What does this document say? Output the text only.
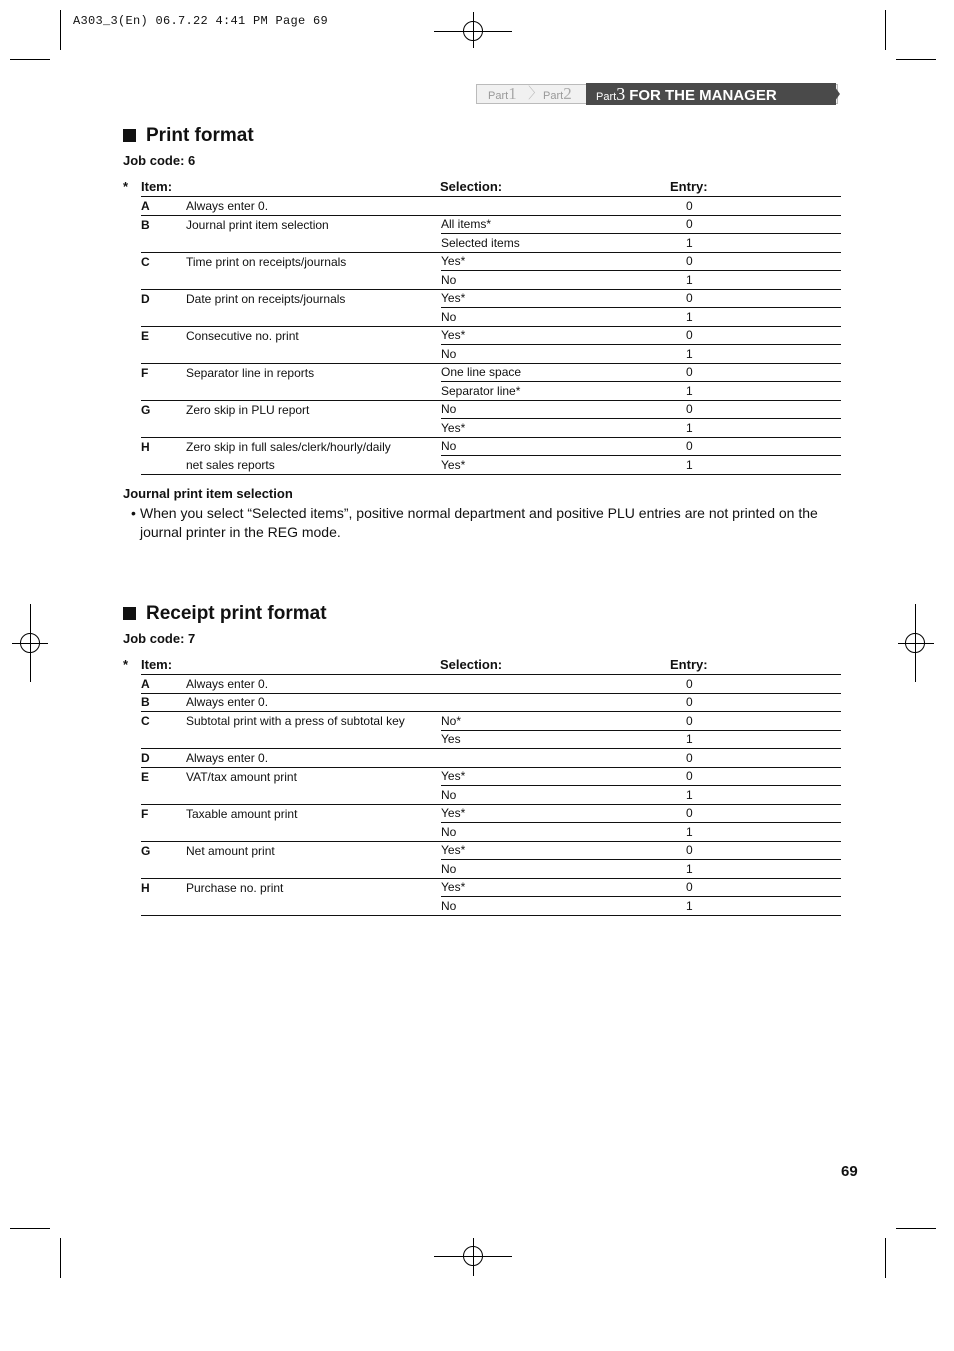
A303_3(En) 06.7.22 4:41 PM Page 69
Part1 〉 Part2	Part3 FOR THE MANAGER
Print format
Job code: 6
* Item:	Selection:	Entry:
A	Always enter 0.		0
B	Journal print item selection	All items*	0
		Selected items	1
C	Time print on receipts/journals	Yes*	0
		No	1
D	Date print on receipts/journals	Yes*	0
		No	1
E	Consecutive no. print	Yes*	0
		No	1
F	Separator line in reports	One line space	0
		Separator line*	1
G	Zero skip in PLU report	No	0
		Yes*	1
H	Zero skip in full sales/clerk/hourly/daily	No	0
	net sales reports	Yes*	1
Journal print item selection
• When you select “Selected items”, positive normal department and positive PLU entries are not printed on the journal printer in the REG mode.
Receipt print format
Job code: 7
* Item:	Selection:	Entry:
A	Always enter 0.		0
B	Always enter 0.		0
C	Subtotal print with a press of subtotal key	No*	0
		Yes	1
D	Always enter 0.		0
E	VAT/tax amount print	Yes*	0
		No	1
F	Taxable amount print	Yes*	0
		No	1
G	Net amount print	Yes*	0
		No	1
H	Purchase no. print	Yes*	0
		No	1
69
